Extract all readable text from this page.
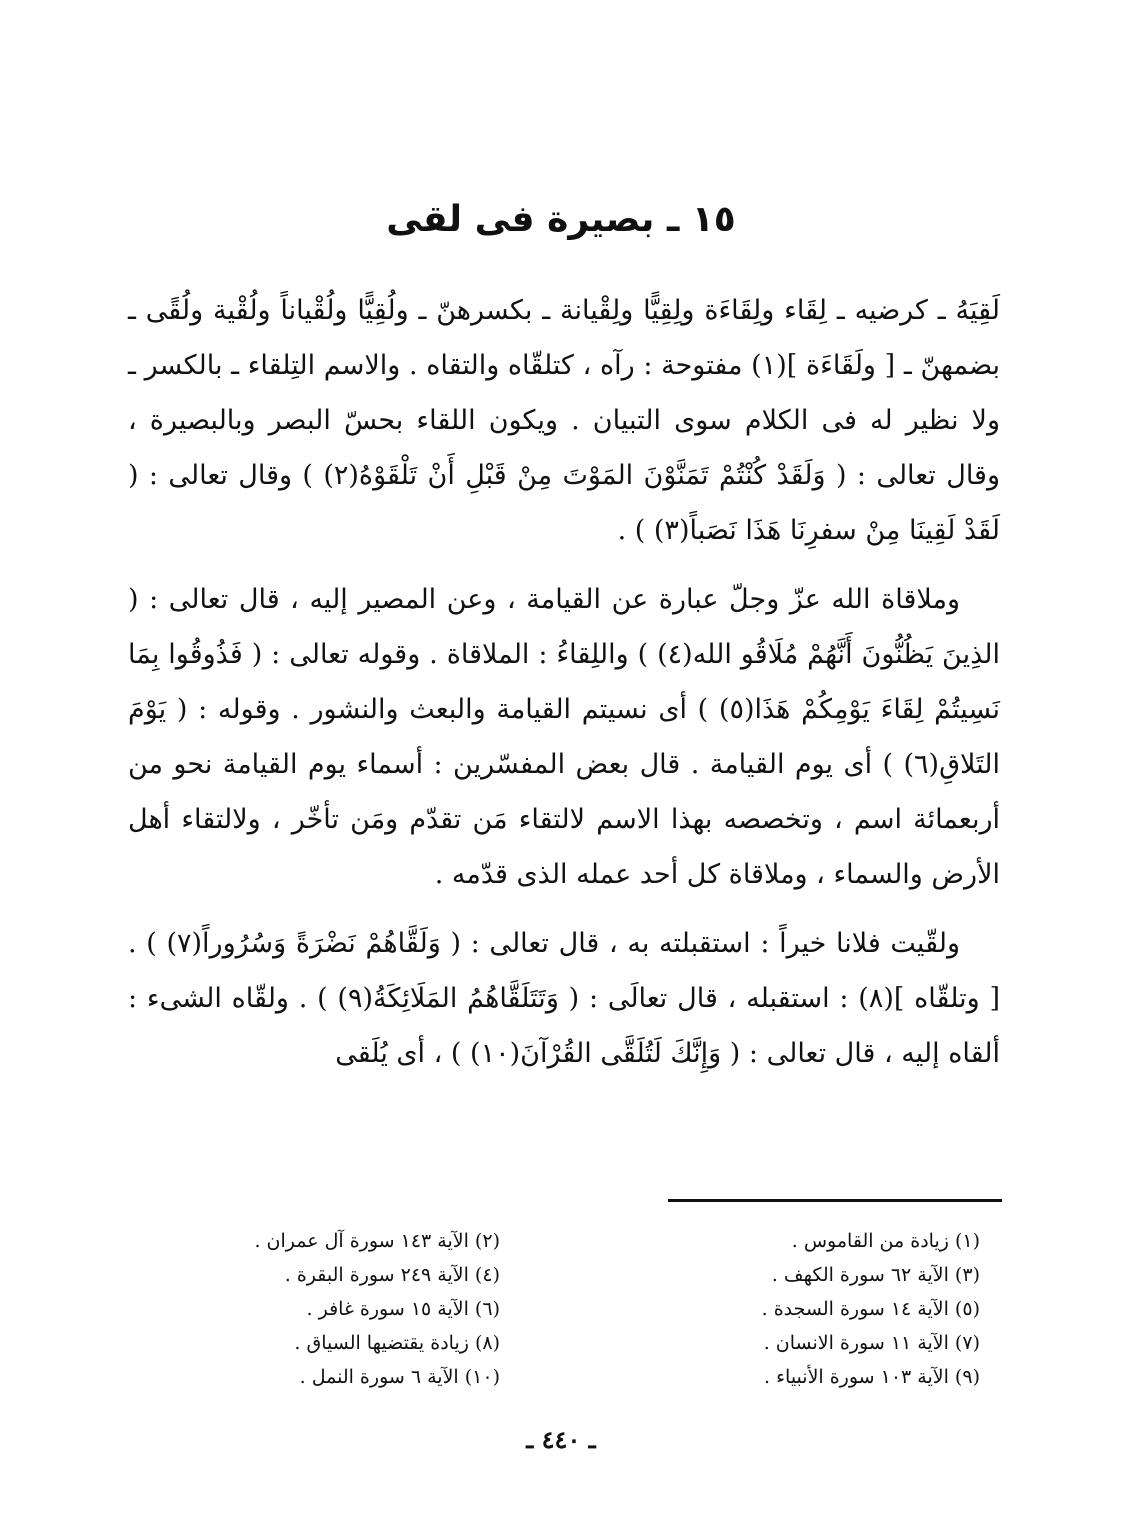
١٥ ـ بصيرة فى لقى

لَقِيَهُ ـ كرضيه ـ لِقَاء ولِقَاءَة ولِقِيًّا ولِقْيانة ـ بكسرهنّ ـ ولُقِيًّا ولُقْياناً ولُقْية ولُقًى ـ بضمهنّ ـ [ ولَقَاءَة ](١) مفتوحة : رآه ، كتلقّاه والتقاه . والاسم التِلقاء ـ بالكسر ـ ولا نظير له فى الكلام سوى التبيان . ويكون اللقاء بحسّ البصر وبالبصيرة ، وقال تعالى : ( وَلَقَدْ كُنْتُمْ تَمَنَّوْنَ المَوْتَ مِنْ قَبْلِ أَنْ تَلْقَوْهُ(٢) ) وقال تعالى : ( لَقَدْ لَقِينَا مِنْ سفرِنَا هَذَا نَصَباً(٣) ) .

وملاقاة الله عزّ وجلّ عبارة عن القيامة ، وعن المصير إليه ، قال تعالى : ( الذِينَ يَظُنُّونَ أَنَّهُمْ مُلَاقُو الله(٤) ) واللِقاءُ : الملاقاة . وقوله تعالى : ( فَذُوقُوا بِمَا نَسِيتُمْ لِقَاءَ يَوْمِكُمْ هَذَا(٥) ) أى نسيتم القيامة والبعث والنشور . وقوله : ( يَوْمَ التَلاقِ(٦) ) أى يوم القيامة . قال بعض المفسّرين : أسماء يوم القيامة نحو من أربعمائة اسم ، وتخصصه بهذا الاسم لالتقاء مَن تقدّم ومَن تأخّر ، ولالتقاء أهل الأرض والسماء ، وملاقاة كل أحد عمله الذى قدّمه .

ولقّيت فلانا خيراً : استقبلته به ، قال تعالى : ( وَلَقَّاهُمْ نَضْرَةً وَسُرُوراً(٧) ) . [ وتلقّاه ](٨) : استقبله ، قال تعالَى : ( وَتَتَلَقَّاهُمُ المَلَائِكَةُ(٩) ) . ولقّاه الشىء : ألقاه إليه ، قال تعالى : ( وَإِنَّكَ لَتُلَقَّى القُرْآنَ(١٠) ) ، أى يُلَقى

(١) زيادة من القاموس .
(٣) الآية ٦٢ سورة الكهف .
(٥) الآية ١٤ سورة السجدة .
(٧) الآية ١١ سورة الانسان .
(٩) الآية ١٠٣ سورة الأنبياء .
(٢) الآية ١٤٣ سورة آل عمران .
(٤) الآية ٢٤٩ سورة البقرة .
(٦) الآية ١٥ سورة غافر .
(٨) زيادة يقتضيها السياق .
(١٠) الآية ٦ سورة النمل .
ـ ٤٤٠ ـ
